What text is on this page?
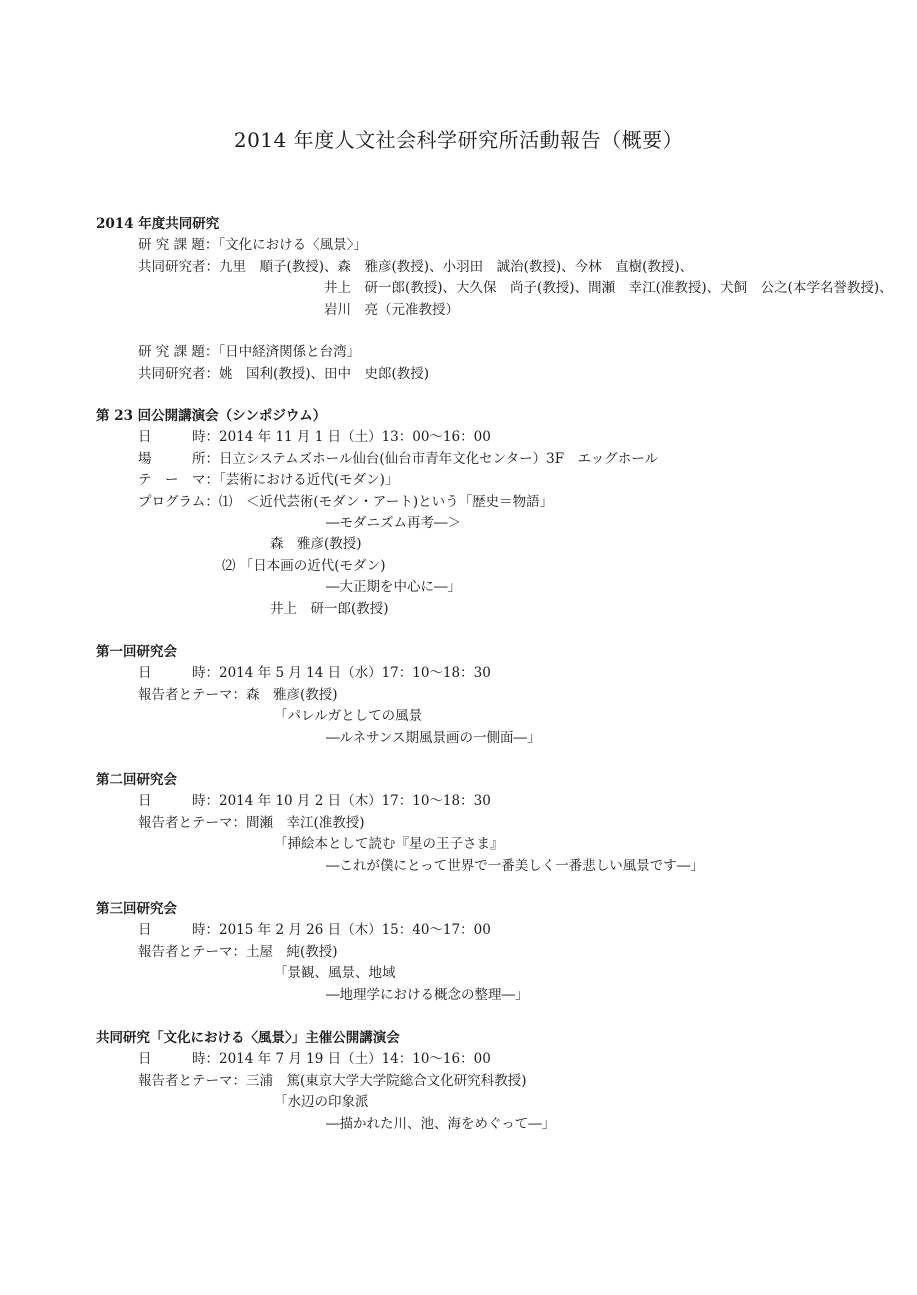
2014 年度人文社会科学研究所活動報告（概要）
2014 年度共同研究
研 究 課 題：「文化における〈風景〉」
共同研究者：九里　順子(教授)、森　雅彦(教授)、小羽田　誠治(教授)、今林　直樹(教授)、
井上　研一郎(教授)、大久保　尚子(教授)、間瀬　幸江(准教授)、犬飼　公之(本学名誉教授)、
岩川　亮（元准教授）
研 究 課 題：「日中経済関係と台湾」
共同研究者：姚　国利(教授)、田中　史郎(教授)
第 23 回公開講演会（シンポジウム）
日　　　時：2014 年 11 月 1 日（土）13：00～16：00
場　　　所：日立システムズホール仙台(仙台市青年文化センター）3F　エッグホール
テ　ー　マ：「芸術における近代(モダン)」
プログラム：⑴　＜近代芸術(モダン・アート)という「歴史＝物語」
―モダニズム再考―＞
森　雅彦(教授)
⑵ 「日本画の近代(モダン)
―大正期を中心に―」
井上　研一郎(教授)
第一回研究会
日　　　時：2014 年 5 月 14 日（水）17：10～18：30
報告者とテーマ：森　雅彦(教授)
「パレルガとしての風景
―ルネサンス期風景画の一側面―」
第二回研究会
日　　　時：2014 年 10 月 2 日（木）17：10～18：30
報告者とテーマ：間瀬　幸江(准教授)
「挿絵本として読む『星の王子さま』
―これが僕にとって世界で一番美しく一番悲しい風景です―」
第三回研究会
日　　　時：2015 年 2 月 26 日（木）15：40～17：00
報告者とテーマ：土屋　純(教授)
「景観、風景、地域
―地理学における概念の整理―」
共同研究「文化における〈風景〉」主催公開講演会
日　　　時：2014 年 7 月 19 日（土）14：10～16：00
報告者とテーマ：三浦　篤(東京大学大学院総合文化研究科教授)
「水辺の印象派
―描かれた川、池、海をめぐって―」
